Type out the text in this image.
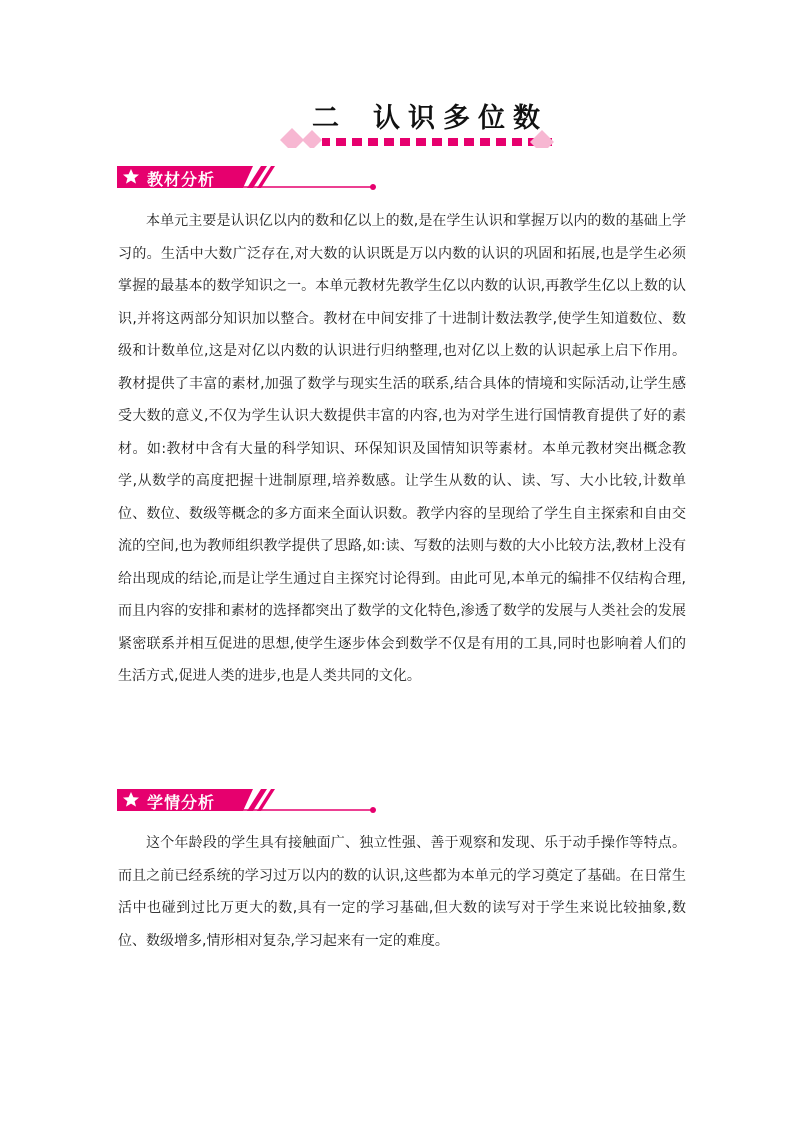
二 认识多位数
教材分析

本单元主要是认识亿以内的数和亿以上的数,是在学生认识和掌握万以内的数的基础上学习的。生活中大数广泛存在,对大数的认识既是万以内数的认识的巩固和拓展,也是学生必须掌握的最基本的数学知识之一。本单元教材先教学生亿以内数的认识,再教学生亿以上数的认识,并将这两部分知识加以整合。教材在中间安排了十进制计数法教学,使学生知道数位、数级和计数单位,这是对亿以内数的认识进行归纳整理,也对亿以上数的认识起承上启下作用。教材提供了丰富的素材,加强了数学与现实生活的联系,结合具体的情境和实际活动,让学生感受大数的意义,不仅为学生认识大数提供丰富的内容,也为对学生进行国情教育提供了好的素材。如:教材中含有大量的科学知识、环保知识及国情知识等素材。本单元教材突出概念教学,从数学的高度把握十进制原理,培养数感。让学生从数的认、读、写、大小比较,计数单位、数位、数级等概念的多方面来全面认识数。教学内容的呈现给了学生自主探索和自由交流的空间,也为教师组织教学提供了思路,如:读、写数的法则与数的大小比较方法,教材上没有给出现成的结论,而是让学生通过自主探究讨论得到。由此可见,本单元的编排不仅结构合理,而且内容的安排和素材的选择都突出了数学的文化特色,渗透了数学的发展与人类社会的发展紧密联系并相互促进的思想,使学生逐步体会到数学不仅是有用的工具,同时也影响着人们的生活方式,促进人类的进步,也是人类共同的文化。

学情分析

这个年龄段的学生具有接触面广、独立性强、善于观察和发现、乐于动手操作等特点。而且之前已经系统的学习过万以内的数的认识,这些都为本单元的学习奠定了基础。在日常生活中也碰到过比万更大的数,具有一定的学习基础,但大数的读写对于学生来说比较抽象,数位、数级增多,情形相对复杂,学习起来有一定的难度。
